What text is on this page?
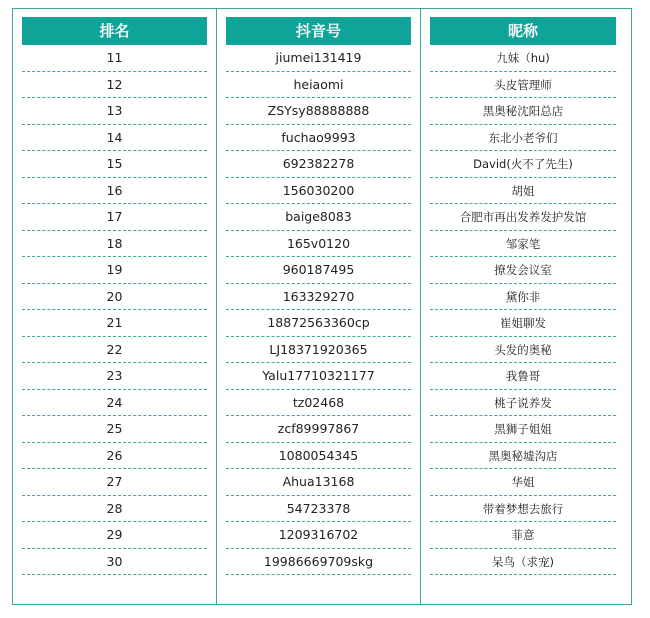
排名
11
12
13
14
15
16
17
18
19
20
21
22
23
24
25
26
27
28
29
30
抖音号
jiumei131419
heiaomi
ZSYsy88888888
fuchao9993
692382278
156030200
baige8083
165v0120
960187495
163329270
18872563360cp
LJ18371920365
Yalu17710321177
tz02468
zcf89997867
1080054345
Ahua13168
54723378
1209316702
19986669709skg
昵称
九妹（hu)
头皮管理师
黑奥秘沈阳总店
东北小老爷们
David(火不了先生)
胡姐
合肥市再出发养发护发馆
邹家笔
撩发会议室
黛你非
崔姐聊发
头发的奥秘
我鲁哥
桃子说养发
黑狮子姐姐
黑奥秘墟沟店
华姐
带着梦想去旅行
菲意
呆鸟（求宠)
